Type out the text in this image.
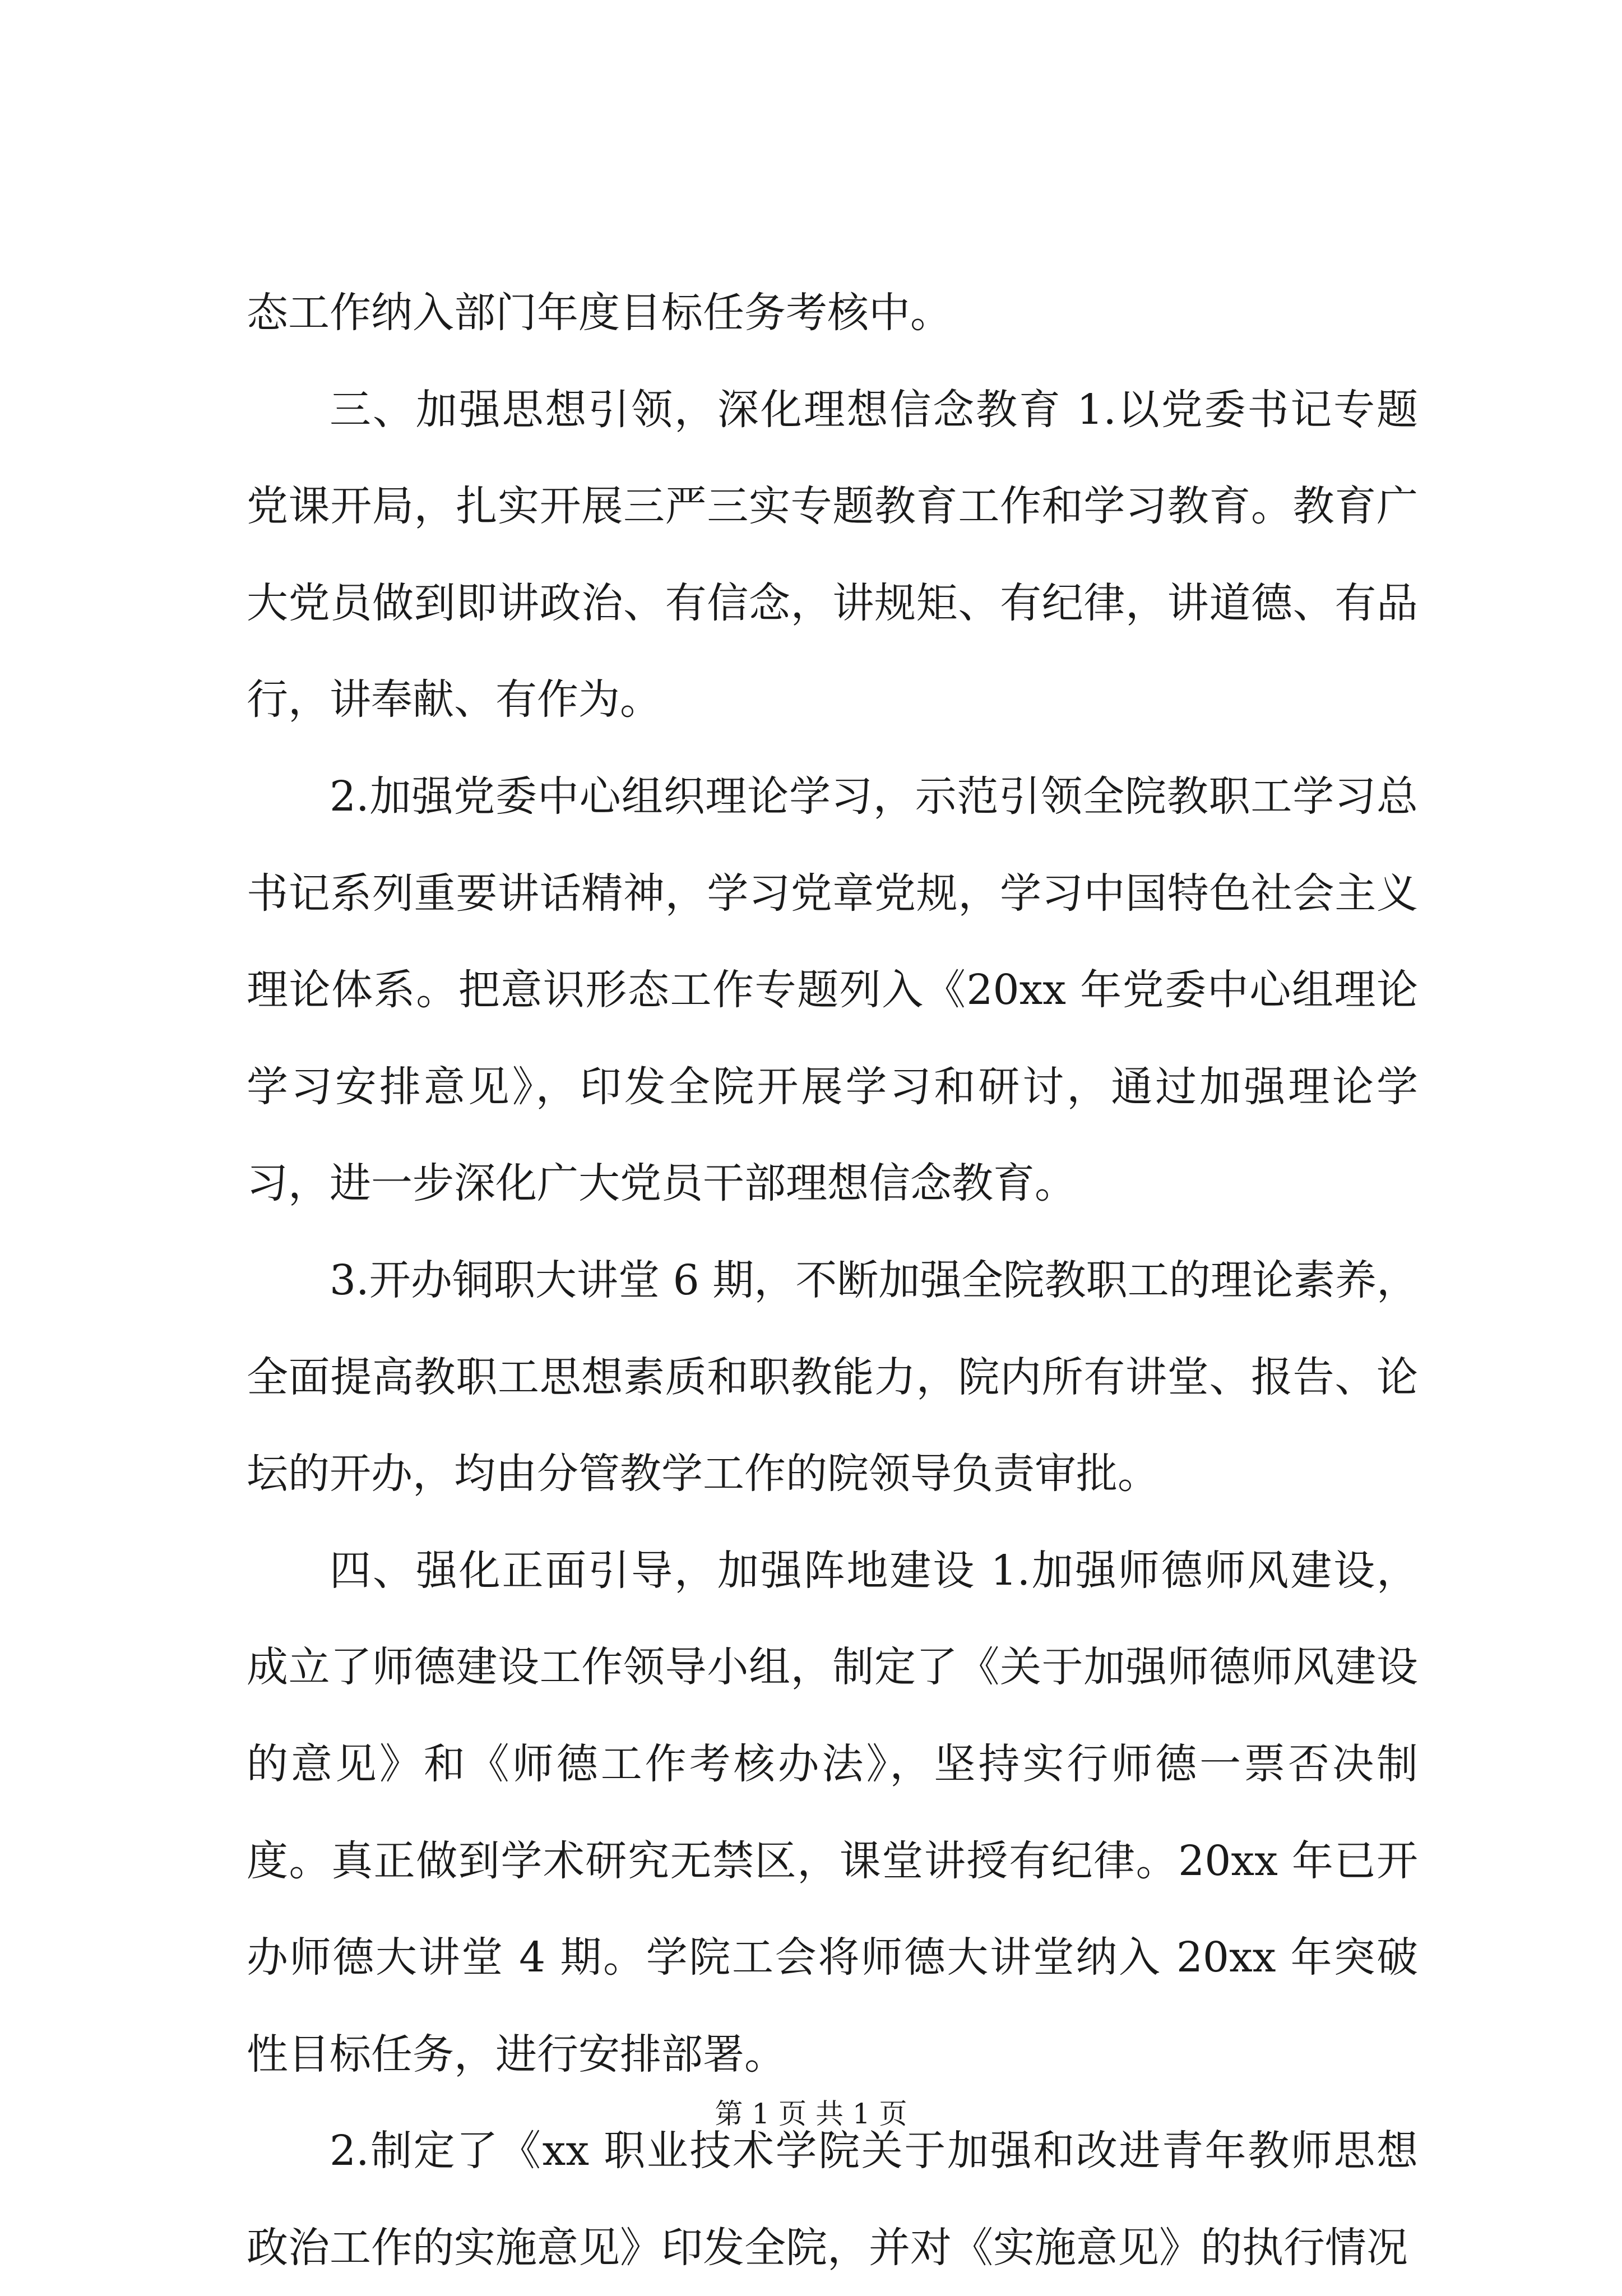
态工作纳入部门年度目标任务考核中。

三、加强思想引领，深化理想信念教育 1.以党委书记专题党课开局，扎实开展三严三实专题教育工作和学习教育。教育广大党员做到即讲政治、有信念，讲规矩、有纪律，讲道德、有品行，讲奉献、有作为。

2.加强党委中心组织理论学习，示范引领全院教职工学习总书记系列重要讲话精神，学习党章党规，学习中国特色社会主义理论体系。把意识形态工作专题列入《20xx 年党委中心组理论学习安排意见》，印发全院开展学习和研讨，通过加强理论学习，进一步深化广大党员干部理想信念教育。

3.开办铜职大讲堂 6 期，不断加强全院教职工的理论素养，全面提高教职工思想素质和职教能力，院内所有讲堂、报告、论坛的开办，均由分管教学工作的院领导负责审批。

四、强化正面引导，加强阵地建设 1.加强师德师风建设，成立了师德建设工作领导小组，制定了《关于加强师德师风建设的意见》和《师德工作考核办法》，坚持实行师德一票否决制度。真正做到学术研究无禁区，课堂讲授有纪律。20xx 年已开办师德大讲堂 4 期。学院工会将师德大讲堂纳入 20xx 年突破性目标任务，进行安排部署。

2.制定了《xx 职业技术学院关于加强和改进青年教师思想政治工作的实施意见》印发全院，并对《实施意见》的执行情况

第 1 页 共 1 页
